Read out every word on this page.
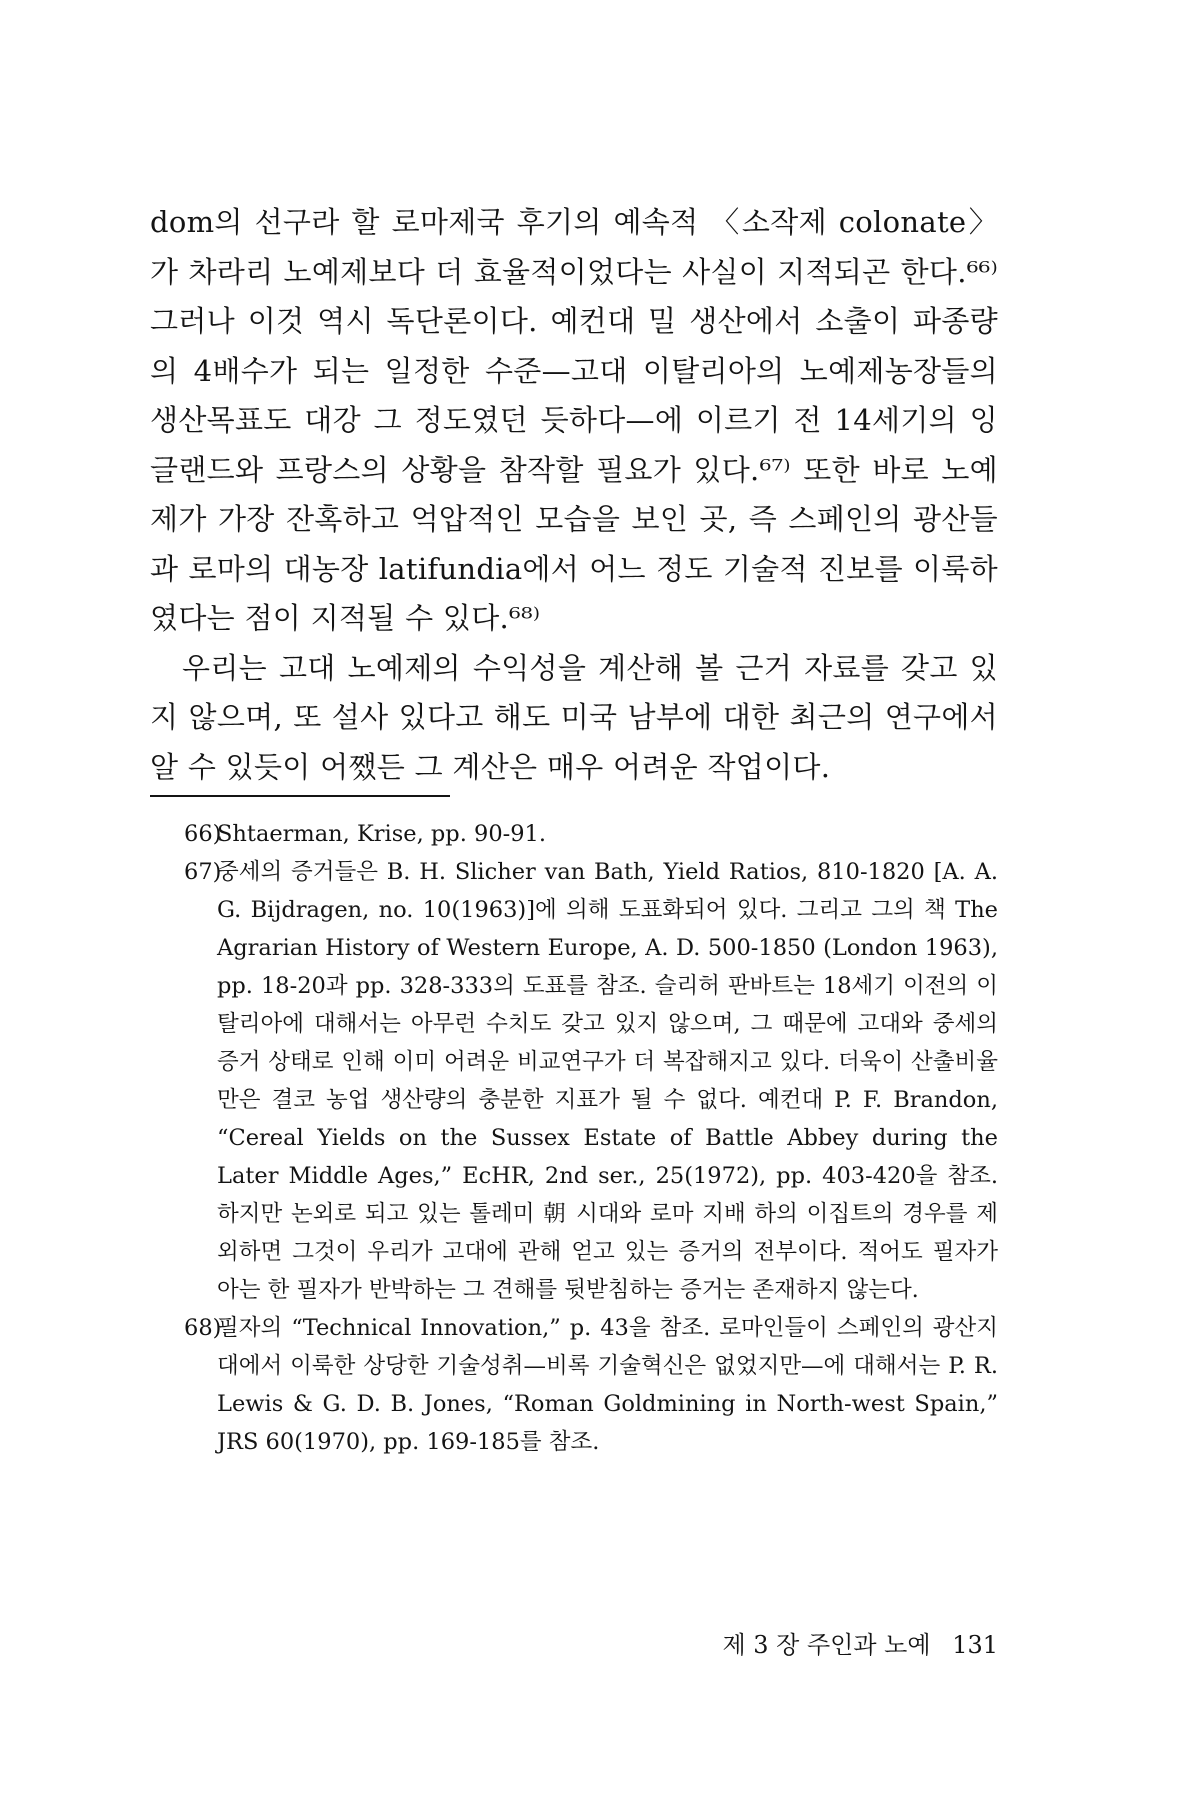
dom의 선구라 할 로마제국 후기의 예속적 〈소작제 colonate〉가 차라리 노예제보다 더 효율적이었다는 사실이 지적되곤 한다.⁶⁶⁾ 그러나 이것 역시 독단론이다. 예컨대 밀 생산에서 소출이 파종량의 4배수가 되는 일정한 수준—고대 이탈리아의 노예제농장들의 생산목표도 대강 그 정도였던 듯하다—에 이르기 전 14세기의 잉글랜드와 프랑스의 상황을 참작할 필요가 있다.⁶⁷⁾ 또한 바로 노예제가 가장 잔혹하고 억압적인 모습을 보인 곳, 즉 스페인의 광산들과 로마의 대농장 latifundia에서 어느 정도 기술적 진보를 이룩하였다는 점이 지적될 수 있다.⁶⁸⁾

우리는 고대 노예제의 수익성을 계산해 볼 근거 자료를 갖고 있지 않으며, 또 설사 있다고 해도 미국 남부에 대한 최근의 연구에서 알 수 있듯이 어쨌든 그 계산은 매우 어려운 작업이다.

66)
Shtaerman, Krise, pp. 90-91.
67)
중세의 증거들은 B. H. Slicher van Bath, Yield Ratios, 810-1820 [A. A. G. Bijdragen, no. 10(1963)]에 의해 도표화되어 있다. 그리고 그의 책 The Agrarian History of Western Europe, A. D. 500-1850 (London 1963), pp. 18-20과 pp. 328-333의 도표를 참조. 슬리허 판바트는 18세기 이전의 이탈리아에 대해서는 아무런 수치도 갖고 있지 않으며, 그 때문에 고대와 중세의 증거 상태로 인해 이미 어려운 비교연구가 더 복잡해지고 있다. 더욱이 산출비율만은 결코 농업 생산량의 충분한 지표가 될 수 없다. 예컨대 P. F. Brandon, “Cereal Yields on the Sussex Estate of Battle Abbey during the Later Middle Ages,” EcHR, 2nd ser., 25(1972), pp. 403-420을 참조. 하지만 논외로 되고 있는 톨레미 朝 시대와 로마 지배 하의 이집트의 경우를 제외하면 그것이 우리가 고대에 관해 얻고 있는 증거의 전부이다. 적어도 필자가 아는 한 필자가 반박하는 그 견해를 뒷받침하는 증거는 존재하지 않는다.
68)
필자의 “Technical Innovation,” p. 43을 참조. 로마인들이 스페인의 광산지대에서 이룩한 상당한 기술성취—비록 기술혁신은 없었지만—에 대해서는 P. R. Lewis & G. D. B. Jones, “Roman Goldmining in North-west Spain,” JRS 60(1970), pp. 169-185를 참조.
제 3 장 주인과 노예 131
